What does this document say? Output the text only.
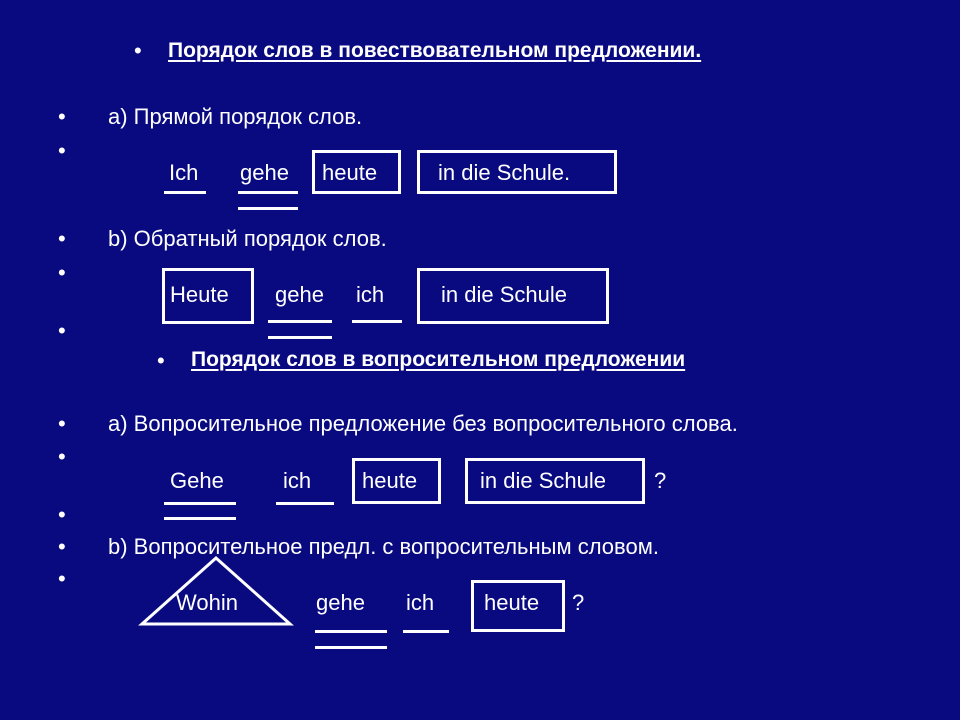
• Порядок слов в повествовательном предложении.
• а) Прямой порядок слов.
•
Ich gehe heute	in die Schule.
• b) Обратный порядок слов.
•
Heute gehe ich	in die Schule
•
• Порядок слов в вопросительном предложении
• а) Вопросительное предложение без вопросительного слова.
•
Gehe	ich heute	in die Schule ?
•
• b) Вопросительное предл. с вопросительным словом.
•
Wohin	gehe ich heute ?
